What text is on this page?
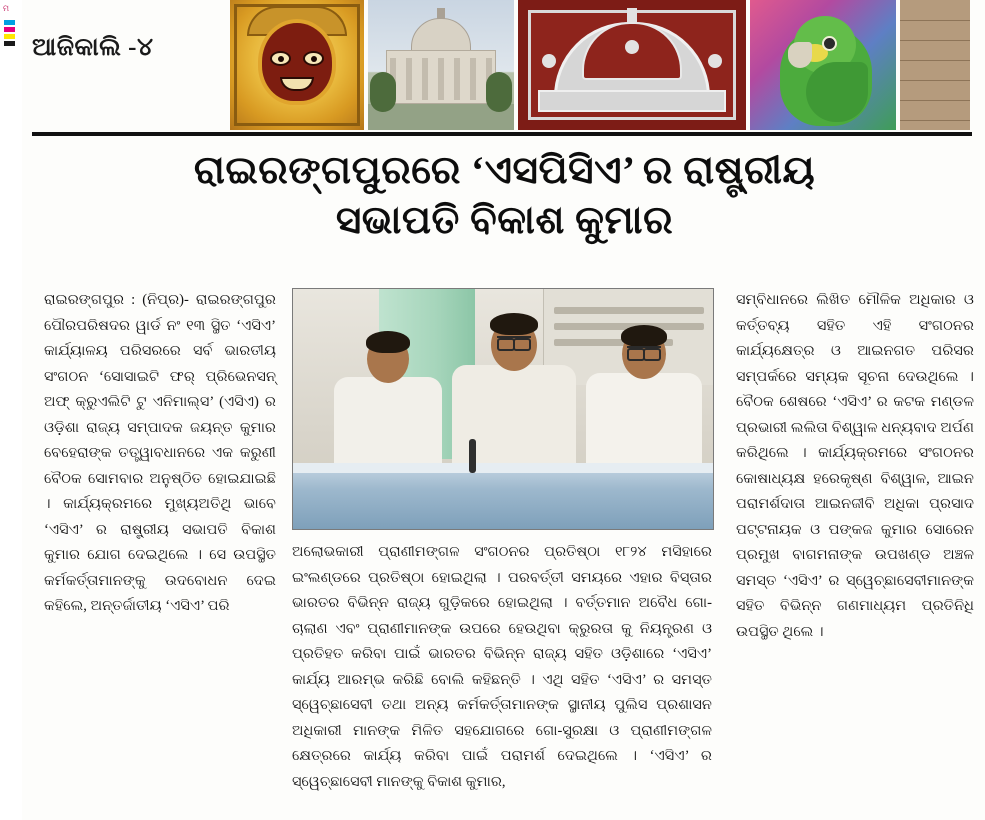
ମ
ଆଜିକାଲି -୪
ରାଇରଙ୍ଗପୁରରେ ‘ଏସପିସିଏ’ ର ରାଷ୍ଟ୍ରୀୟ
ସଭାପତି ବିକାଶ କୁମାର
ରାଇରଙ୍ଗପୁର : (ନିପ୍ର)- ରାଇରଙ୍ଗପୁର ପୌରପରିଷଦର ୱାର୍ଡ ନଂ ୧୩ ସ୍ଥିତ ‘ଏସିଏ’ କାର୍ଯ୍ୟାଳୟ ପରିସରରେ ସର୍ବ ଭାରତୀୟ ସଂଗଠନ ‘ସୋସାଇଟି ଫର୍ ପ୍ରିଭେନସନ୍ ଅଫ୍ କ୍ରୁଏଲିଟି ଟୁ ଏନିମାଲ୍ସ’ (ଏସିଏ) ର ଓଡ଼ିଶା ରାଜ୍ୟ ସମ୍ପାଦକ ଜୟନ୍ତ କୁମାର ବେହେରାଙ୍କ ତତ୍ତ୍ୱାବଧାନରେ ଏକ କରୁଣୀ ବୈଠକ ସୋମବାର ଅନୁଷ୍ଠିତ ହୋଇଯାଇଛି । କାର୍ଯ୍ୟକ୍ରମରେ ମୁଖ୍ୟଅତିଥି ଭାବେ ‘ଏସିଏ’ ର ରାଷ୍ଟ୍ରୀୟ ସଭାପତି ବିକାଶ କୁମାର ଯୋଗ ଦେଇଥିଲେ । ସେ ଉପସ୍ଥିତ କର୍ମକର୍ତ୍ତାମାନଙ୍କୁ ଉଦବୋଧନ ଦେଇ କହିଲେ, ଅନ୍ତର୍ଜାତୀୟ ‘ଏସିଏ’ ପରି
ଅଲୋଭକାରୀ ପ୍ରାଣୀମଙ୍ଗଳ ସଂଗଠନର ପ୍ରତିଷ୍ଠା ୧୮୨୪ ମସିହାରେ ଇଂଲଣ୍ଡରେ ପ୍ରତିଷ୍ଠା ହୋଇଥିଲା । ପରବର୍ତ୍ତୀ ସମୟରେ ଏହାର ବିସ୍ତାର ଭାରତର ବିଭିନ୍ନ ରାଜ୍ୟ ଗୁଡ଼ିକରେ ହୋଇଥିଲା । ବର୍ତ୍ତମାନ ଅବୈଧ ଗୋ-ଚାଲାଣ ଏବଂ ପ୍ରାଣୀମାନଙ୍କ ଉପରେ ହେଉଥିବା କ୍ରୁରତା କୁ ନିୟନ୍ତ୍ରଣ ଓ ପ୍ରତିହତ କରିବା ପାଇଁ ଭାରତର ବିଭିନ୍ନ ରାଜ୍ୟ ସହିତ ଓଡ଼ିଶାରେ ‘ଏସିଏ’ କାର୍ଯ୍ୟ ଆରମ୍ଭ କରିଛି ବୋଲି କହିଛନ୍ତି । ଏଥି ସହିତ ‘ଏସିଏ’ ର ସମସ୍ତ ସ୍ୱେଚ୍ଛାସେବୀ ତଥା ଅନ୍ୟ କର୍ମକର୍ତ୍ତାମାନଙ୍କ ସ୍ଥାନୀୟ ପୁଲିସ ପ୍ରଶାସନ ଅଧିକାରୀ ମାନଙ୍କ ମିଳିତ ସହଯୋଗରେ ଗୋ-ସୁରକ୍ଷା ଓ ପ୍ରାଣୀମଙ୍ଗଳ କ୍ଷେତ୍ରରେ କାର୍ଯ୍ୟ କରିବା ପାଇଁ ପରାମର୍ଶ ଦେଇଥିଲେ । ‘ଏସିଏ’ ର ସ୍ୱେଚ୍ଛାସେବୀ ମାନଙ୍କୁ ବିକାଶ କୁମାର,
ସମ୍ବିଧାନରେ ଲିଖିତ ମୌଳିକ ଅଧିକାର ଓ କର୍ତ୍ତବ୍ୟ ସହିତ ଏହି ସଂଗଠନର କାର୍ଯ୍ୟକ୍ଷେତ୍ର ଓ ଆଇନଗତ ପରିସର ସମ୍ପର୍କରେ ସମ୍ୟକ ସୂଚନା ଦେଉଥିଲେ । ବୈଠକ ଶେଷରେ ‘ଏସିଏ’ ର କଟକ ମଣ୍ଡଳ ପ୍ରଭାରୀ ଲଲିତା ବିଶ୍ୱାଳ ଧନ୍ୟବାଦ ଅର୍ପଣ କରିଥିଲେ । କାର୍ଯ୍ୟକ୍ରମରେ ସଂଗଠନର କୋଷାଧ୍ୟକ୍ଷ ହରେକୃଷ୍ଣ ବିଶ୍ୱାଳ, ଆଇନ ପରାମର୍ଶଦାତା ଆଇନଜୀବି ଅଧିକା ପ୍ରସାଦ ପଟ୍ଟନାୟକ ଓ ପଙ୍କଜ କୁମାର ସୋରେନ ପ୍ରମୁଖ ବାଗମନାଙ୍କ ଉପଖଣ୍ଡ ଅଞ୍ଚଳ ସମସ୍ତ ‘ଏସିଏ’ ର ସ୍ୱେଚ୍ଛାସେବୀମାନଙ୍କ ସହିତ ବିଭିନ୍ନ ଗଣମାଧ୍ୟମ ପ୍ରତିନିଧି ଉପସ୍ଥିତ ଥିଲେ ।
